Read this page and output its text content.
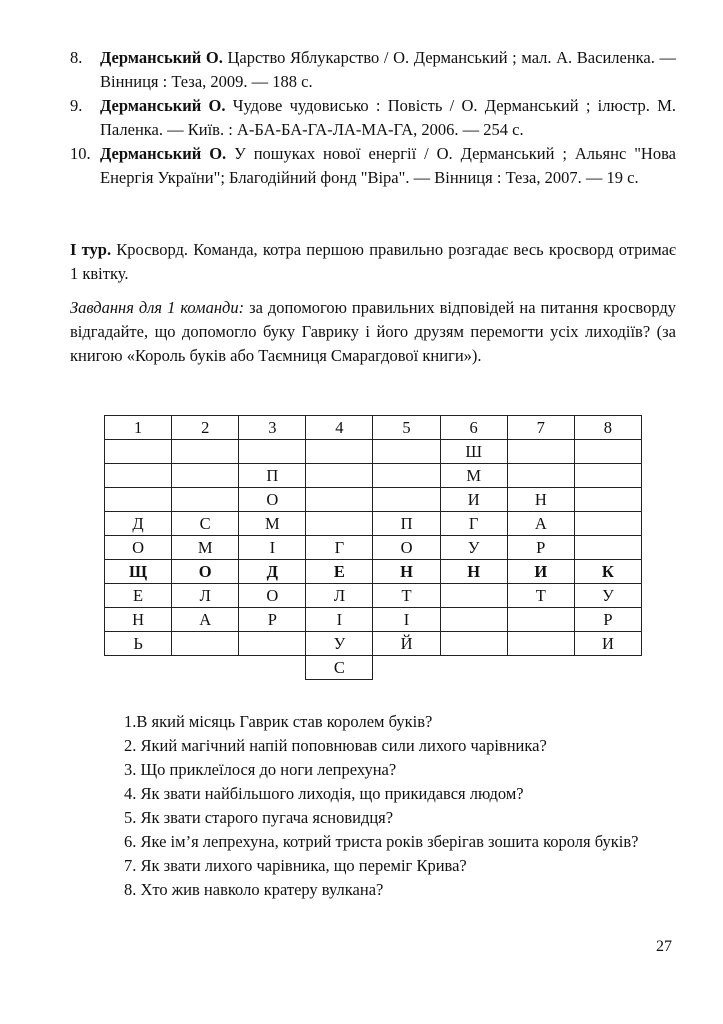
8. Дерманський О. Царство Яблукарство / О. Дерманський ; мал. А. Василенка. — Вінниця : Теза, 2009. — 188 с.
9. Дерманський О. Чудове чудовисько : Повість / О. Дерманський ; ілюстр. М. Паленка. — Київ. : А-БА-БА-ГА-ЛА-МА-ГА, 2006. — 254 с.
10. Дерманський О. У пошуках нової енергії / О. Дерманський ; Альянс "Нова Енергія України"; Благодійний фонд "Віра". — Вінниця : Теза, 2007. — 19 с.

І тур. Кросворд. Команда, котра першою правильно розгадає весь кросворд отримає 1 квітку.

Завдання для 1 команди: за допомогою правильних відповідей на питання кросворду відгадайте, що допомогло буку Гаврику і його друзям перемогти усіх лиходіїв? (за книгою «Король буків або Таємниця Смарагдової книги»).

1	2	3	4	5	6	7	8
					Ш		
		П			М		
		О			И	Н	
Д	С	М		П	Г	А	
О	М	І	Г	О	У	Р	
Щ	О	Д	Е	Н	Н	И	К
Е	Л	О	Л	Т		Т	У
Н	А	Р	І	І			Р
Ь			У	Й			И
			С				
1.В який місяць Гаврик став королем буків?
2. Який магічний напій поповнював сили лихого чарівника?
3. Що приклеїлося до ноги лепрехуна?
4. Як звати найбільшого лиходія, що прикидався людом?
5. Як звати старого пугача ясновидця?
6. Яке ім’я лепрехуна, котрий триста років зберігав зошита короля буків?
7. Як звати лихого чарівника, що переміг Крива?
8. Хто жив навколо кратеру вулкана?
27
